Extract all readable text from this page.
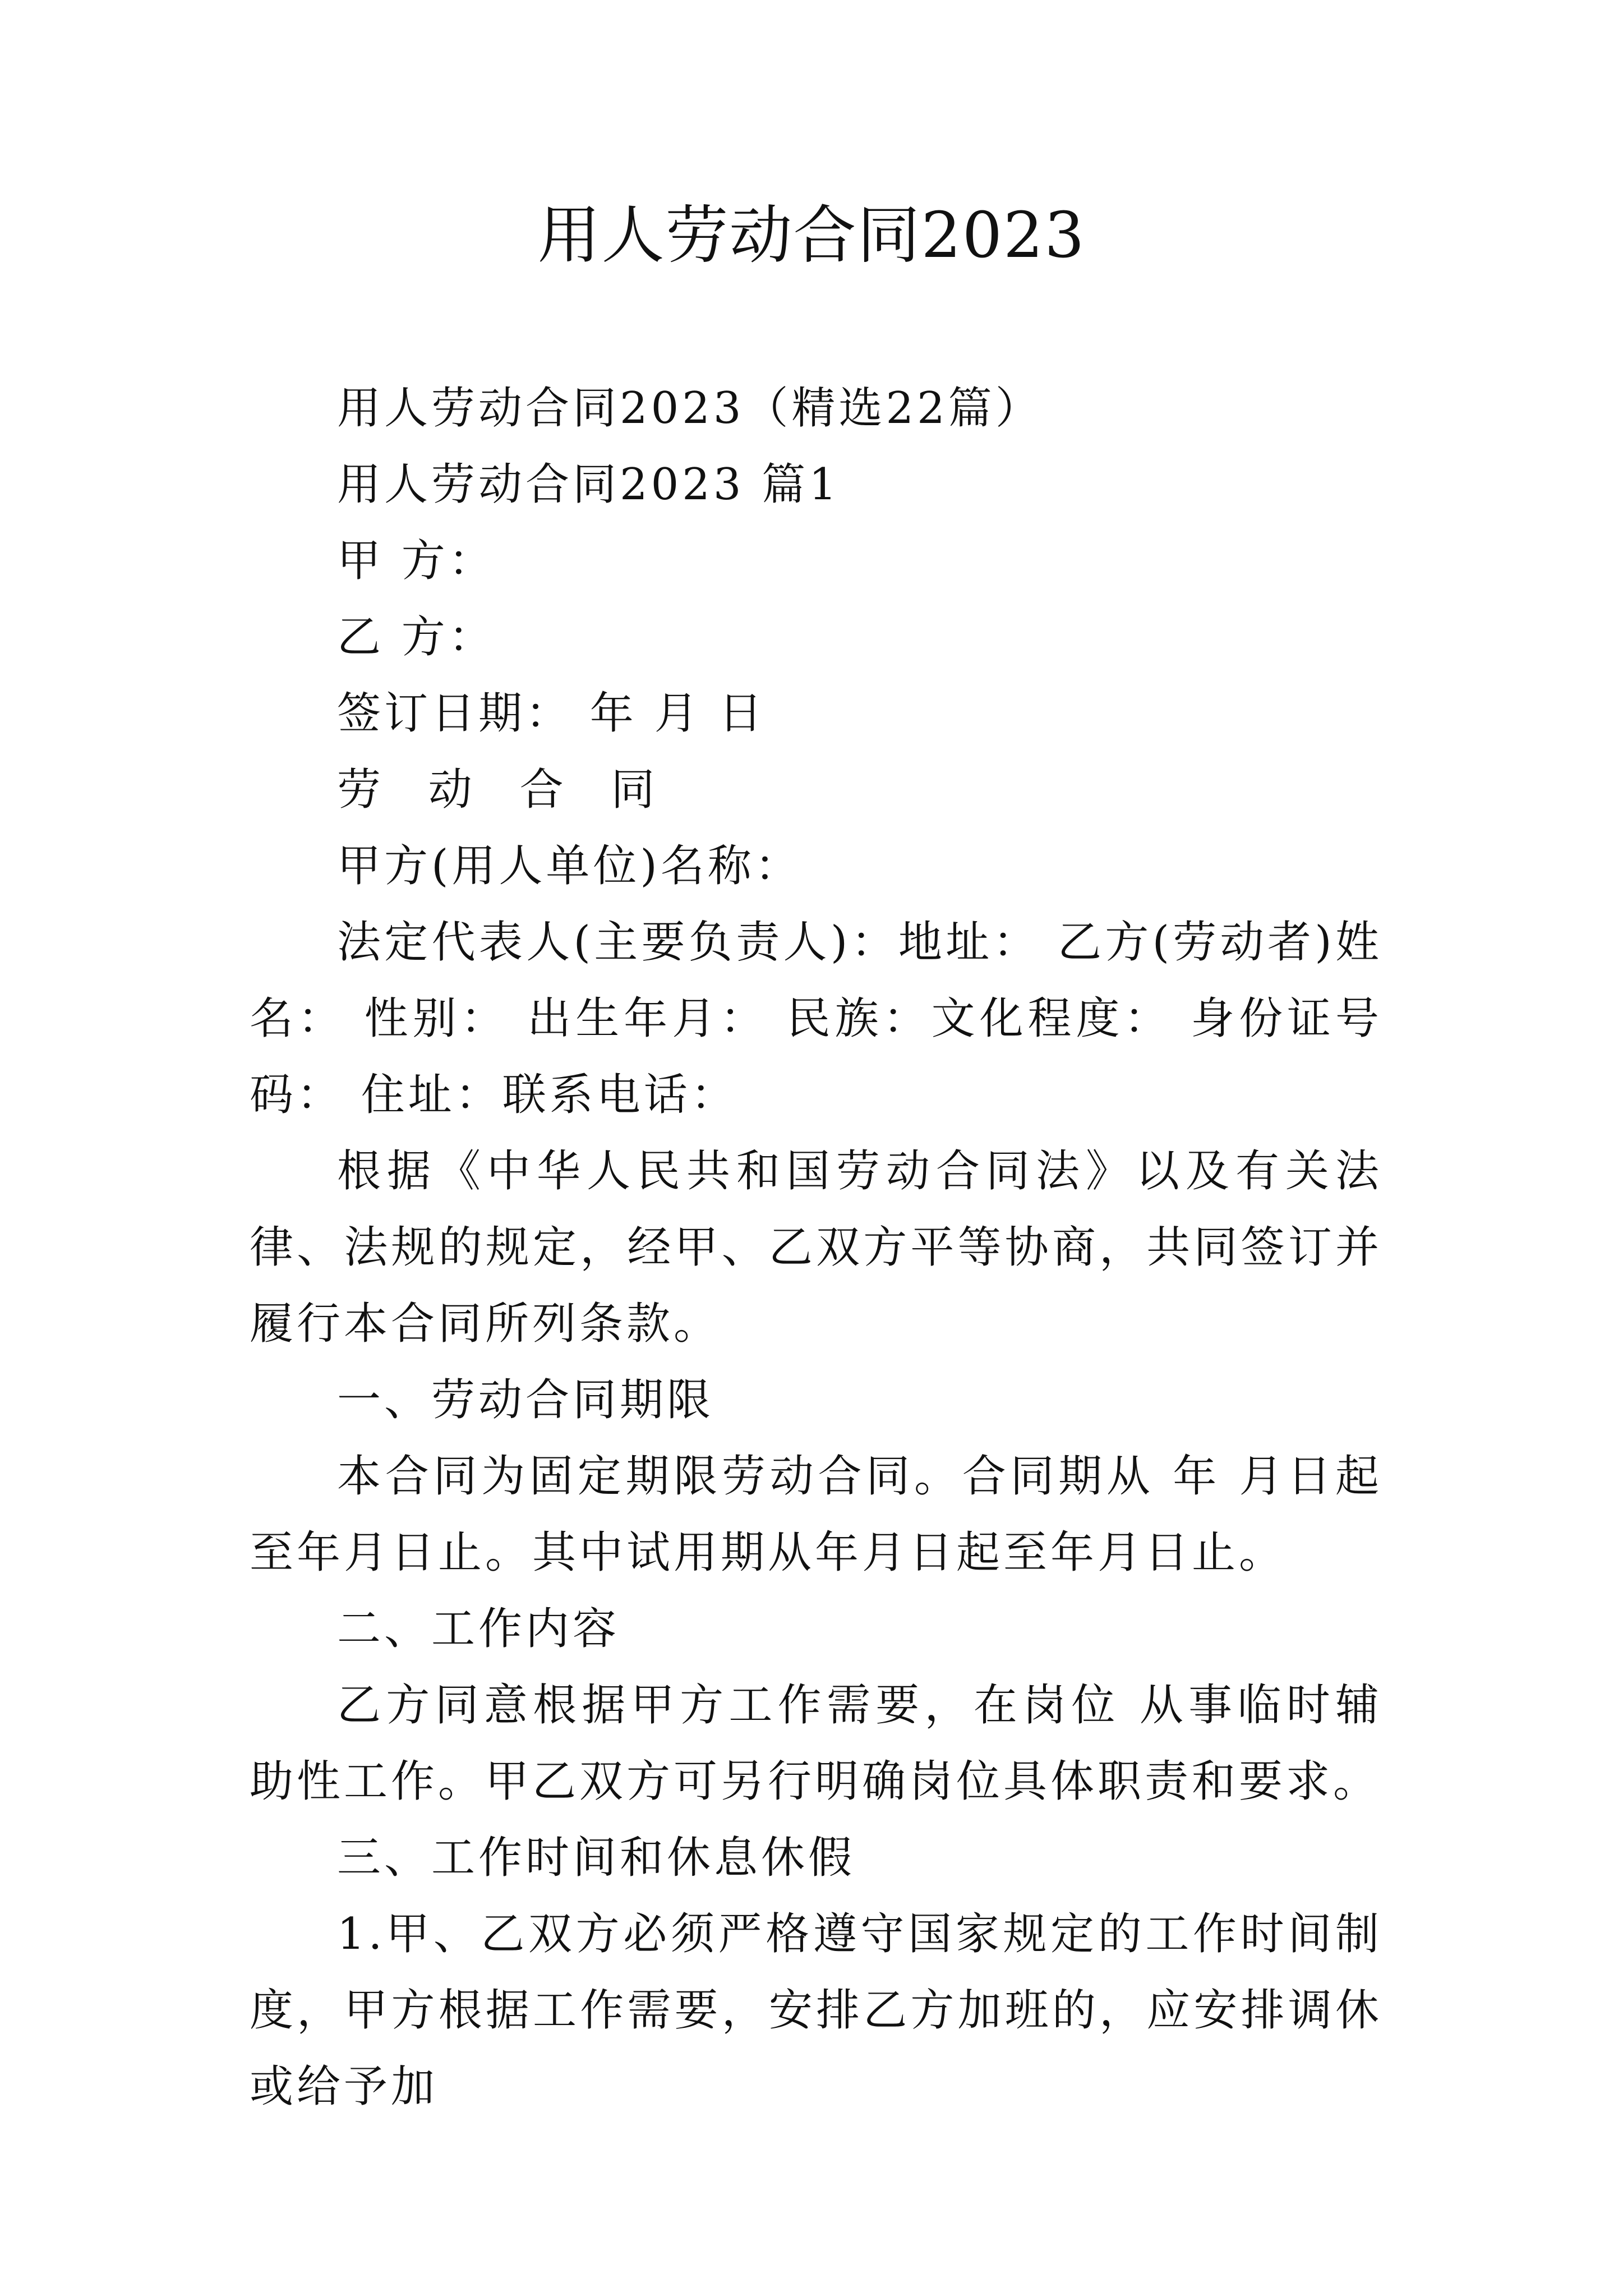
用人劳动合同2023

用人劳动合同2023（精选22篇）

用人劳动合同2023 篇1

甲 方：

乙 方：

签订日期： 年 月 日

劳 动 合 同

甲方(用人单位)名称：

法定代表人(主要负责人)：地址： 乙方(劳动者)姓名： 性别： 出生年月： 民族：文化程度： 身份证号码： 住址：联系电话：

根据《中华人民共和国劳动合同法》以及有关法律、法规的规定，经甲、乙双方平等协商，共同签订并履行本合同所列条款。

一、劳动合同期限

本合同为固定期限劳动合同。合同期从 年 月日起至年月日止。其中试用期从年月日起至年月日止。

二、工作内容

乙方同意根据甲方工作需要，在岗位 从事临时辅助性工作。甲乙双方可另行明确岗位具体职责和要求。

三、工作时间和休息休假

1.甲、乙双方必须严格遵守国家规定的工作时间制度，甲方根据工作需要，安排乙方加班的，应安排调休或给予加
